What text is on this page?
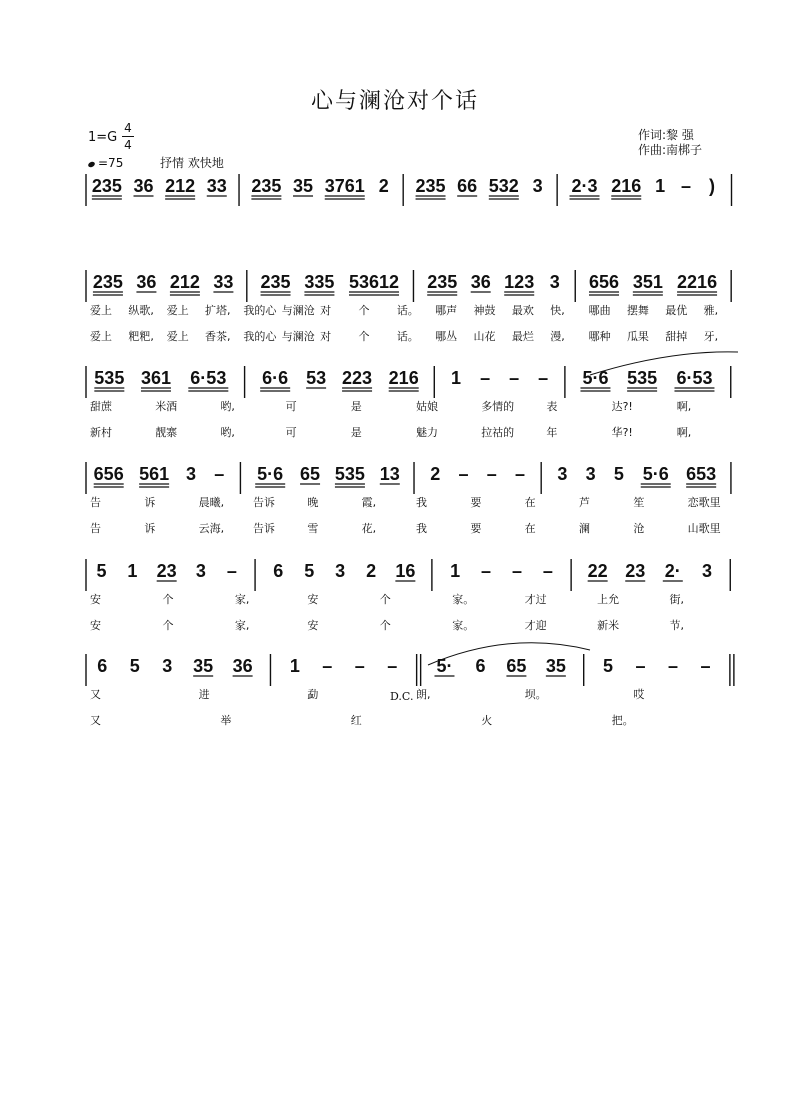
心与澜沧对个话
1=G
4
4
=75	抒情 欢快地
作词:黎 强
作曲:南梆子
235 36 212 33 235 35 3761 2 235 66 532 3 2·3 216 1 – )
235 36 212 33 235 335 53612 235 36 123 3 656 351 2216
爱上 纵歌, 爱上 扩塔, 我的心 与澜沧 对 个 话。 哪声 神鼓 最欢 快, 哪曲 摆舞 最优 雅,
爱上 粑粑, 爱上 香茶, 我的心 与澜沧 对 个 话。 哪丛 山花 最烂 漫, 哪种 瓜果 甜掉 牙,
535 361 6·53 6·6 53 223 216 1 – – – 5·6 535 6·53
甜蔗	米酒	哟,	可	是	姑娘	多情的	表	达?!	啊,
新村	靓寨	哟,	可	是	魅力	拉祜的	年	华?!	啊,
656 561 3 – 5·6 65 535 13 2 – – – 3 3 5 5·6 653
告	诉	晨曦,	告诉	晚	霞,	我	要	在	芦	笙	恋歌里
告	诉	云海,	告诉	雪	花,	我	要	在	澜	沧	山歌里
5 1 23 3 – 6 5 3 2 16 1 – – – 22 23 2· 3
安	个	家,	安	个	家。	才过	上允	街,
安	个	家,	安	个	家。	才迎	新米	节,
6 5 3 35 36 1 – – – 5· 6 65 35 5 – – –
又	进	勐	朗,	坝。	哎
又	举	红	火	把。
D.C.
